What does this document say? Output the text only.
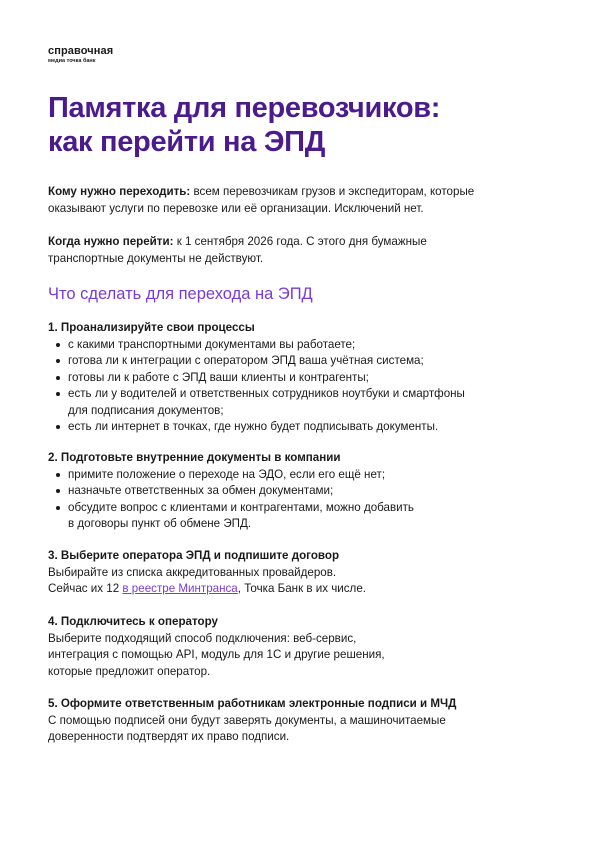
справочная
медиа точка банк
Памятка для перевозчиков:
как перейти на ЭПД
Кому нужно переходить: всем перевозчикам грузов и экспедиторам, которые
оказывают услуги по перевозке или её организации. Исключений нет.
Когда нужно перейти: к 1 сентября 2026 года. С этого дня бумажные
транспортные документы не действуют.
Что сделать для перехода на ЭПД
1. Проанализируйте свои процессы
с какими транспортными документами вы работаете;
готова ли к интеграции с оператором ЭПД ваша учётная система;
готовы ли к работе с ЭПД ваши клиенты и контрагенты;
есть ли у водителей и ответственных сотрудников ноутбуки и смартфоны
для подписания документов;
есть ли интернет в точках, где нужно будет подписывать документы.
2. Подготовьте внутренние документы в компании
примите положение о переходе на ЭДО, если его ещё нет;
назначьте ответственных за обмен документами;
обсудите вопрос с клиентами и контрагентами, можно добавить
в договоры пункт об обмене ЭПД.
3. Выберите оператора ЭПД и подпишите договор
Выбирайте из списка аккредитованных провайдеров.
Сейчас их 12 в реестре Минтранса, Точка Банк в их числе.
4. Подключитесь к оператору
Выберите подходящий способ подключения: веб-сервис,
интеграция с помощью API, модуль для 1С и другие решения,
которые предложит оператор.
5. Оформите ответственным работникам электронные подписи и МЧД
С помощью подписей они будут заверять документы, а машиночитаемые
доверенности подтвердят их право подписи.
